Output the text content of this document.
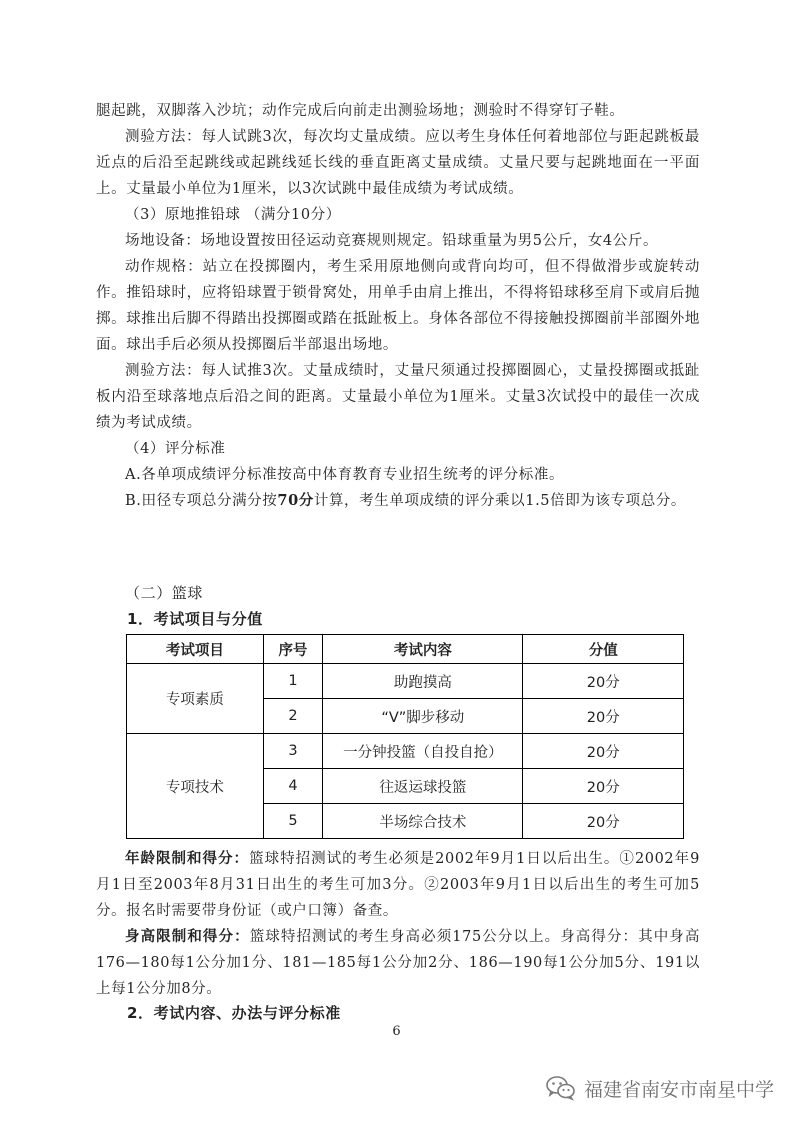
腿起跳，双脚落入沙坑；动作完成后向前走出测验场地；测验时不得穿钉子鞋。

测验方法：每人试跳3次，每次均丈量成绩。应以考生身体任何着地部位与距起跳板最近点的后沿至起跳线或起跳线延长线的垂直距离丈量成绩。丈量尺要与起跳地面在一平面上。丈量最小单位为1厘米，以3次试跳中最佳成绩为考试成绩。

（3）原地推铅球 （满分10分）

场地设备：场地设置按田径运动竞赛规则规定。铅球重量为男5公斤，女4公斤。

动作规格：站立在投掷圈内，考生采用原地侧向或背向均可，但不得做滑步或旋转动作。推铅球时，应将铅球置于锁骨窝处，用单手由肩上推出，不得将铅球移至肩下或肩后抛掷。球推出后脚不得踏出投掷圈或踏在抵趾板上。身体各部位不得接触投掷圈前半部圈外地面。球出手后必须从投掷圈后半部退出场地。

测验方法：每人试推3次。丈量成绩时，丈量尺须通过投掷圈圆心，丈量投掷圈或抵趾板内沿至球落地点后沿之间的距离。丈量最小单位为1厘米。丈量3次试投中的最佳一次成绩为考试成绩。

（4）评分标准

A.各单项成绩评分标准按高中体育教育专业招生统考的评分标准。

B.田径专项总分满分按70分计算，考生单项成绩的评分乘以1.5倍即为该专项总分。

（二）篮球

1．考试项目与分值

考试项目	序号	考试内容	分值
专项素质	1	助跑摸高	20分
	2	“V”脚步移动	20分
专项技术	3	一分钟投篮（自投自抢）	20分
	4	往返运球投篮	20分
	5	半场综合技术	20分

年龄限制和得分：篮球特招测试的考生必须是2002年9月1日以后出生。①2002年9月1日至2003年8月31日出生的考生可加3分。②2003年9月1日以后出生的考生可加5分。报名时需要带身份证（或户口簿）备查。

身高限制和得分：篮球特招测试的考生身高必须175公分以上。身高得分：其中身高176—180每1公分加1分、181—185每1公分加2分、186—190每1公分加5分、191以上每1公分加8分。

2．考试内容、办法与评分标准

6
福建省南安市南星中学
